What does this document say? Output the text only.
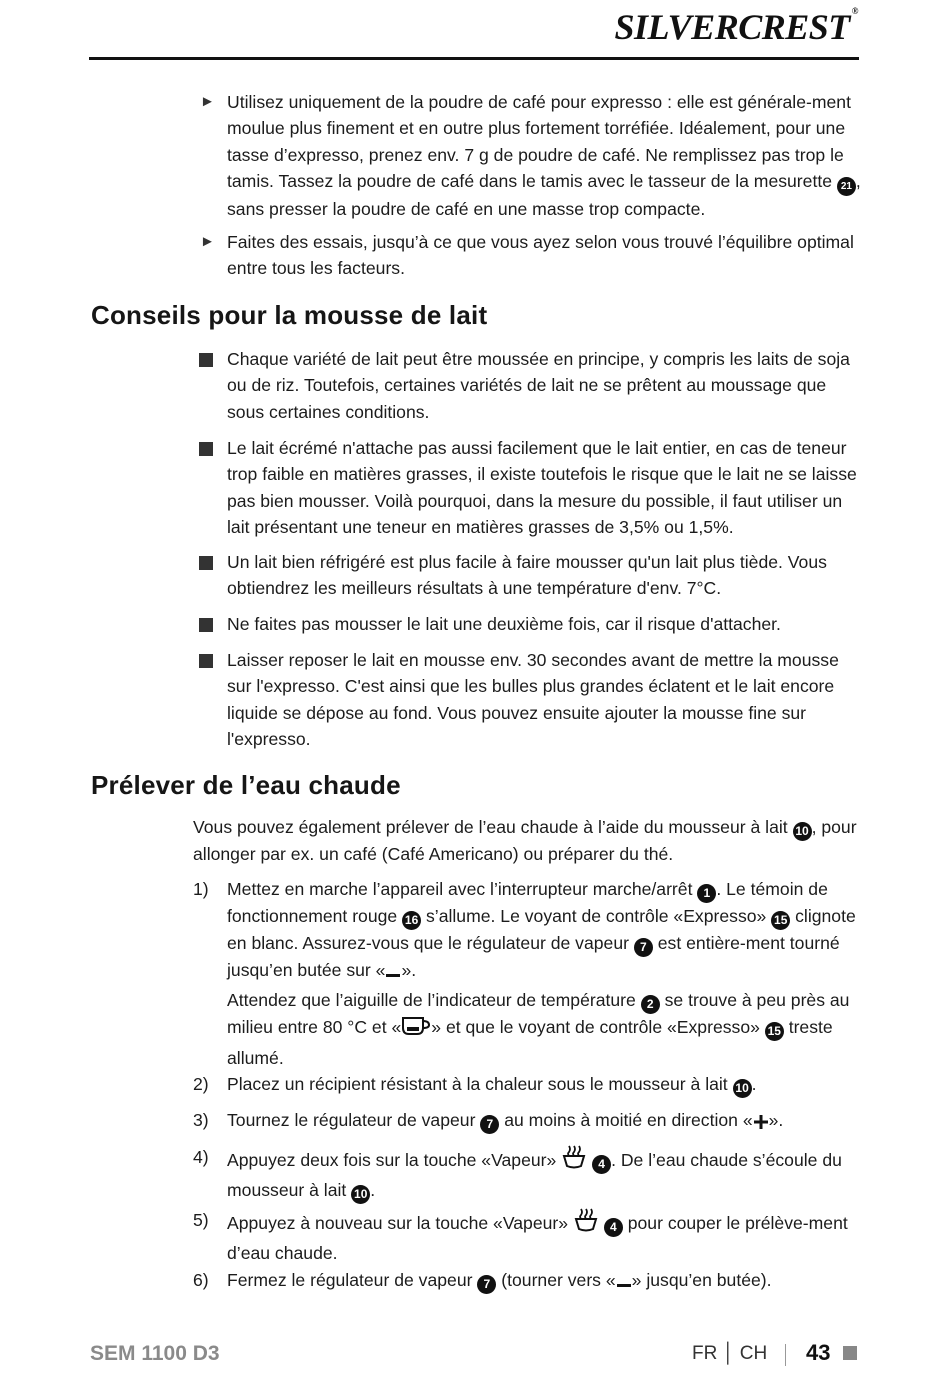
SILVERCREST ®
► Utilisez uniquement de la poudre de café pour expresso : elle est générale-ment moulue plus finement et en outre plus fortement torréfiée. Idéalement, pour une tasse d’expresso, prenez env. 7 g de poudre de café. Ne remplissez pas trop le tamis. Tassez la poudre de café dans le tamis avec le tasseur de la mesurette 21 , sans presser la poudre de café en une masse trop compacte.
► Faites des essais, jusqu’à ce que vous ayez selon vous trouvé l’équilibre optimal entre tous les facteurs.
Conseils pour la mousse de lait
Chaque variété de lait peut être moussée en principe, y compris les laits de soja ou de riz. Toutefois, certaines variétés de lait ne se prêtent au moussage que sous certaines conditions.
Le lait écrémé n'attache pas aussi facilement que le lait entier, en cas de teneur trop faible en matières grasses, il existe toutefois le risque que le lait ne se laisse pas bien mousser. Voilà pourquoi, dans la mesure du possible, il faut utiliser un lait présentant une teneur en matières grasses de 3,5% ou 1,5%.
Un lait bien réfrigéré est plus facile à faire mousser qu'un lait plus tiède. Vous obtiendrez les meilleurs résultats à une température d'env. 7°C.
Ne faites pas mousser le lait une deuxième fois, car il risque d'attacher.
Laisser reposer le lait en mousse env. 30 secondes avant de mettre la mousse sur l'expresso. C'est ainsi que les bulles plus grandes éclatent et le lait encore liquide se dépose au fond. Vous pouvez ensuite ajouter la mousse fine sur l'expresso.
Prélever de l’eau chaude
Vous pouvez également prélever de l’eau chaude à l’aide du mousseur à lait 10 , pour allonger par ex. un café (Café Americano) ou préparer du thé.
1) Mettez en marche l’appareil avec l’interrupteur marche/arrêt 1 . Le témoin de fonctionnement rouge 16 s’allume. Le voyant de contrôle «Expresso» 15 clignote en blanc. Assurez-vous que le régulateur de vapeur 7 est entière-ment tourné jusqu’en butée sur « ».
Attendez que l’aiguille de l’indicateur de température 2 se trouve à peu près au milieu entre 80 °C et « » et que le voyant de contrôle «Expresso» 15 treste allumé.
2) Placez un récipient résistant à la chaleur sous le mousseur à lait 10 .
3) Tournez le régulateur de vapeur 7 au moins à moitié en direction « ».
4) Appuyez deux fois sur la touche «Vapeur»	4 . De l’eau chaude s’écoule du mousseur à lait 10 .
5) Appuyez à nouveau sur la touche «Vapeur»	4 pour couper le prélève-ment d’eau chaude.
6) Fermez le régulateur de vapeur 7 (tourner vers « » jusqu’en butée).
SEM 1100 D3	FR │ CH 43
